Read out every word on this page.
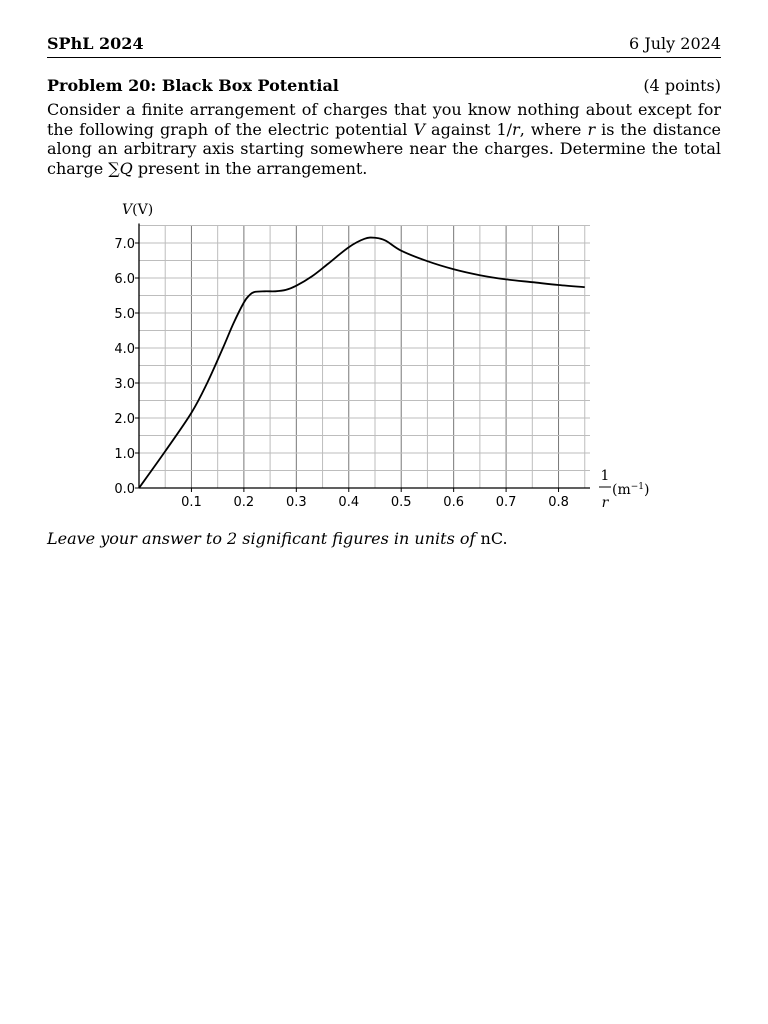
SPhL 2024	6 July 2024
Problem 20: Black Box Potential	(4 points)
Consider a finite arrangement of charges that you know nothing about except for the following graph of the electric potential V against 1/r, where r is the distance along an arbitrary axis starting somewhere near the charges. Determine the total charge ∑Q present in the arrangement.
0.1 0.2 0.3 0.4 0.5 0.6 0.7 0.8
0.0
1.0
2.0
3.0
4.0
5.0
6.0
7.0
V(V)
1
r
$(m^{-1})$
Leave your answer to 2 significant figures in units of nC.
